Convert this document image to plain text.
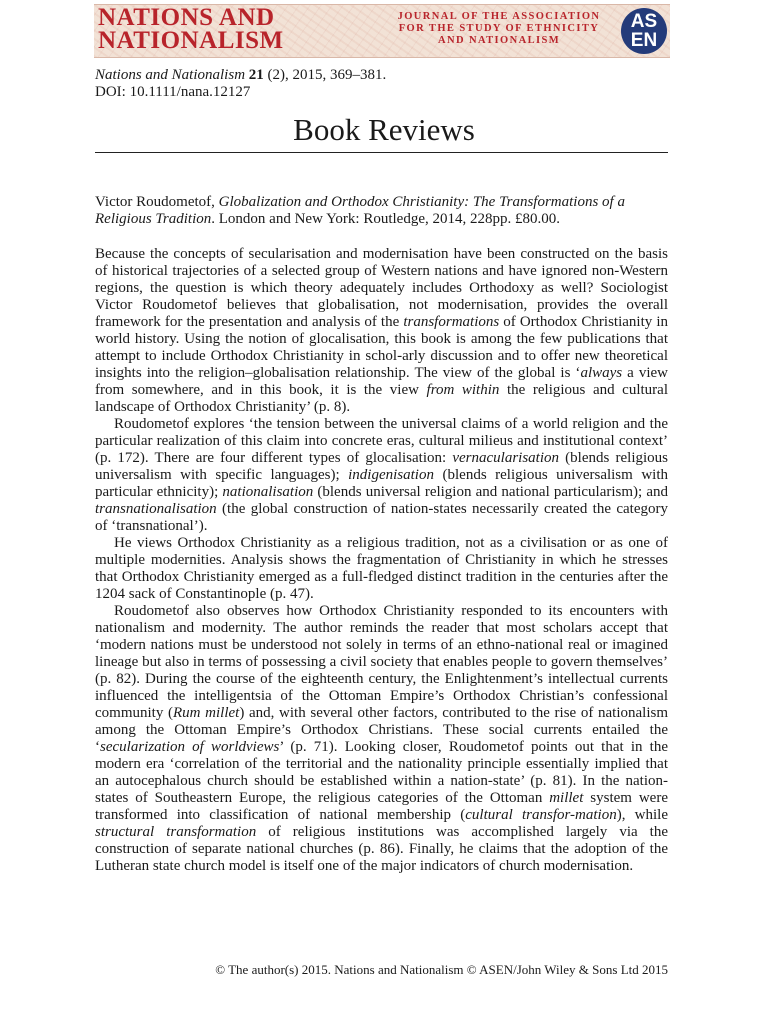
NATIONS AND
NATIONALISM
JOURNAL OF THE ASSOCIATION
FOR THE STUDY OF ETHNICITY
AND NATIONALISM
AS
EN

Nations and Nationalism 21 (2), 2015, 369–381.

DOI: 10.1111/nana.12127

Book Reviews

Victor Roudometof, Globalization and Orthodox Christianity: The Transformations of a Religious Tradition. London and New York: Routledge, 2014, 228pp. £80.00.

Because the concepts of secularisation and modernisation have been constructed on the basis of historical trajectories of a selected group of Western nations and have ignored non-Western regions, the question is which theory adequately includes Orthodoxy as well? Sociologist Victor Roudometof believes that globalisation, not modernisation, provides the overall framework for the presentation and analysis of the transformations of Orthodox Christianity in world history. Using the notion of glocalisation, this book is among the few publications that attempt to include Orthodox Christianity in schol-arly discussion and to offer new theoretical insights into the religion–globalisation relationship. The view of the global is ‘always a view from somewhere, and in this book, it is the view from within the religious and cultural landscape of Orthodox Christianity’ (p. 8).

Roudometof explores ‘the tension between the universal claims of a world religion and the particular realization of this claim into concrete eras, cultural milieus and institutional context’ (p. 172). There are four different types of glocalisation: vernacularisation (blends religious universalism with specific languages); indigenisation (blends religious universalism with particular ethnicity); nationalisation (blends universal religion and national particularism); and transnationalisation (the global construction of nation-states necessarily created the category of ‘transnational’).

He views Orthodox Christianity as a religious tradition, not as a civilisation or as one of multiple modernities. Analysis shows the fragmentation of Christianity in which he stresses that Orthodox Christianity emerged as a full-fledged distinct tradition in the centuries after the 1204 sack of Constantinople (p. 47).

Roudometof also observes how Orthodox Christianity responded to its encounters with nationalism and modernity. The author reminds the reader that most scholars accept that ‘modern nations must be understood not solely in terms of an ethno-national real or imagined lineage but also in terms of possessing a civil society that enables people to govern themselves’ (p. 82). During the course of the eighteenth century, the Enlightenment’s intellectual currents influenced the intelligentsia of the Ottoman Empire’s Orthodox Christian’s confessional community (Rum millet) and, with several other factors, contributed to the rise of nationalism among the Ottoman Empire’s Orthodox Christians. These social currents entailed the ‘secularization of worldviews’ (p. 71). Looking closer, Roudometof points out that in the modern era ‘correlation of the territorial and the nationality principle essentially implied that an autocephalous church should be established within a nation-state’ (p. 81). In the nation-states of Southeastern Europe, the religious categories of the Ottoman millet system were transformed into classification of national membership (cultural transfor-mation), while structural transformation of religious institutions was accomplished largely via the construction of separate national churches (p. 86). Finally, he claims that the adoption of the Lutheran state church model is itself one of the major indicators of church modernisation.

© The author(s) 2015. Nations and Nationalism © ASEN/John Wiley & Sons Ltd 2015
